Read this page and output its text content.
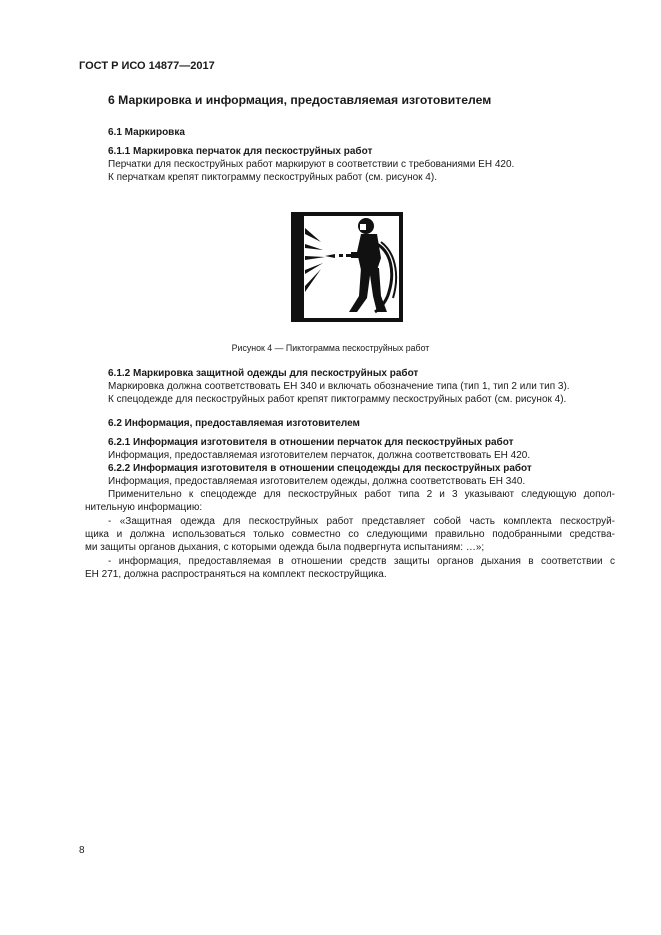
ГОСТ Р ИСО 14877—2017
6 Маркировка и информация, предоставляемая изготовителем
6.1 Маркировка
6.1.1 Маркировка перчаток для пескоструйных работ
Перчатки для пескоструйных работ маркируют в соответствии с требованиями ЕН 420.
К перчаткам крепят пиктограмму пескоструйных работ (см. рисунок 4).
Рисунок 4 — Пиктограмма пескоструйных работ
6.1.2 Маркировка защитной одежды для пескоструйных работ
Маркировка должна соответствовать ЕН 340 и включать обозначение типа (тип 1, тип 2 или тип 3).
К спецодежде для пескоструйных работ крепят пиктограмму пескоструйных работ (см. рисунок 4).
6.2 Информация, предоставляемая изготовителем
6.2.1 Информация изготовителя в отношении перчаток для пескоструйных работ
Информация, предоставляемая изготовителем перчаток, должна соответствовать ЕН 420.
6.2.2 Информация изготовителя в отношении спецодежды для пескоструйных работ
Информация, предоставляемая изготовителем одежды, должна соответствовать ЕН 340.
Применительно к спецодежде для пескоструйных работ типа 2 и 3 указывают следующую допол-
нительную информацию:
- «Защитная одежда для пескоструйных работ представляет собой часть комплекта пескоструй-
щика и должна использоваться только совместно со следующими правильно подобранными средства-
ми защиты органов дыхания, с которыми одежда была подвергнута испытаниям: …»;
- информация, предоставляемая в отношении средств защиты органов дыхания в соответствии с
ЕН 271, должна распространяться на комплект пескоструйщика.
8
